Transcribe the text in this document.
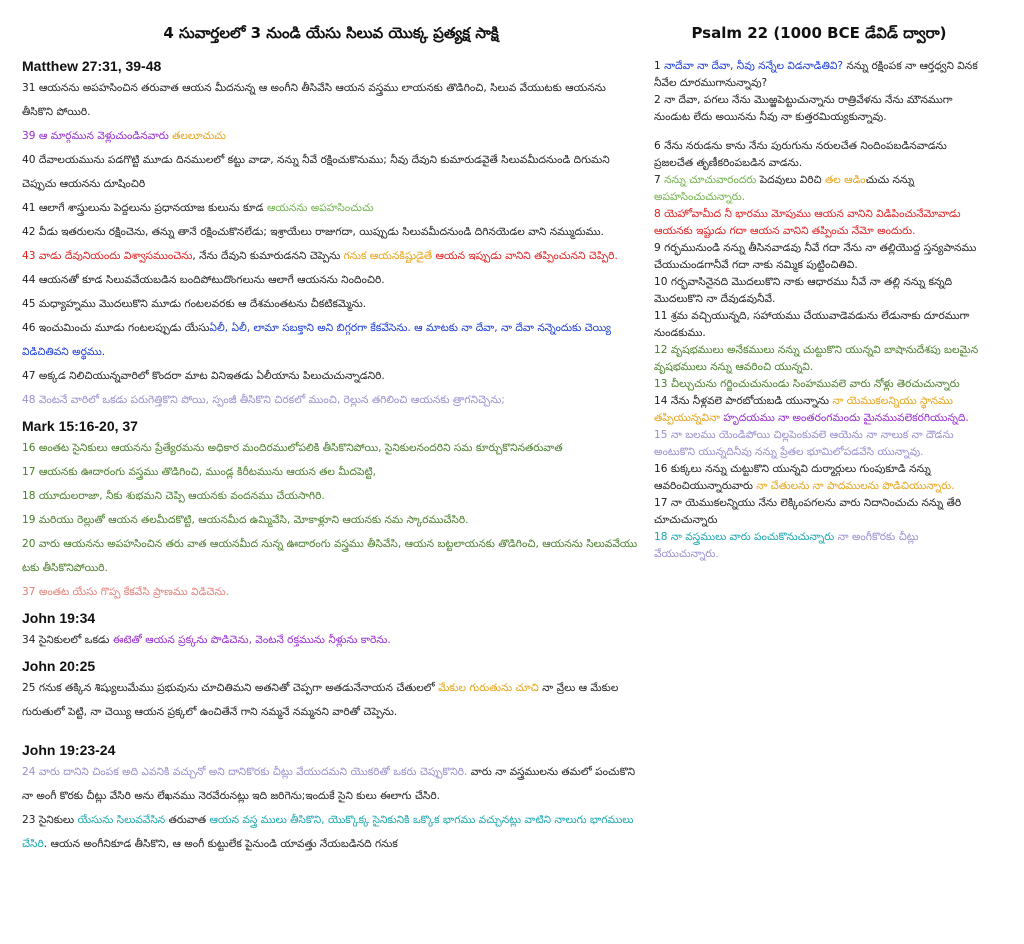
4 సువార్తలలో 3 నుండి యేసు సిలువ యొక్క ప్రత్యక్ష సాక్షి
Matthew 27:31, 39-48

31 ఆయనను అపహసించిన తరువాత ఆయన మీదనున్న ఆ అంగీని తీసివేసి ఆయన వస్త్రము లాయనకు తొడిగించి, సిలువ వేయుటకు ఆయనను తీసికొని పోయిరి.

39 ఆ మార్గమున వెళ్లుచుండినవారు తలలూచుచు

40 దేవాలయమును పడగొట్టి మూడు దినములలో కట్టు వాడా, నన్ను నీవే రక్షించుకొనుము; నీవు దేవుని కుమారుడవైతే సిలువమీదనుండి దిగుమని చెప్పుచు ఆయనను దూషించిరి

41 ఆలాగే శాస్త్రులును పెద్దలును ప్రధానయాజ కులును కూడ ఆయనను అపహసించుచు

42 వీడు ఇతరులను రక్షించెను, తన్ను తానే రక్షించుకొనలేడు; ఇశ్రాయేలు రాజుగదా, యిప్పుడు సిలువమీదనుండి దిగినయెడల వాని నమ్ముదుము.

43 వాడు దేవునియందు విశ్వాసముంచెను, నేను దేవుని కుమారుడనని చెప్పెను గనుక ఆయనకిష్టుడైతే ఆయన ఇప్పుడు వానిని తప్పించునని చెప్పిరి.

44 ఆయనతో కూడ సిలువవేయబడిన బందిపోటుదొంగలును ఆలాగే ఆయనను నిందించిరి.

45 మధ్యాహ్నము మొదలుకొని మూడు గంటలవరకు ఆ దేశమంతటను చీకటికమ్మెను.

46 ఇంచుమించు మూడు గంటలప్పుడు యేసుఏలీ, ఏలీ, లామా సబక్తాని అని బిగ్గరగా కేకవేసెను. ఆ మాటకు నా దేవా, నా దేవా నన్నెందుకు చెయ్యి విడిచితివని అర్థము.

47 అక్కడ నిలిచియున్నవారిలో కొందరా మాట వినిఇతడు ఏలీయాను పిలుచుచున్నాడనిరి.

48 వెంటనే వారిలో ఒకడు పరుగెత్తికొని పోయి, స్పంజీ తీసికొని చిరకలో ముంచి, రెల్లున తగిలించి ఆయనకు త్రాగనిచ్చెను;

Mark 15:16-20, 37

16 అంతట సైనికులు ఆయనను ప్రేత్యేరమను అధికార మందిరములోపలికి తీసికొనిపోయి, సైనికులనందరిని సమ కూర్చుకొనినతరువాత

17 ఆయనకు ఊదారంగు వస్త్రము తొడిగించి, ముండ్ల కిరీటమును ఆయన తల మీదపెట్టి,

18 యూదులరాజా, నీకు శుభమని చెప్పి ఆయనకు వందనము చేయసాగిరి.

19 మరియు రెల్లుతో ఆయన తలమీదకొట్టి, ఆయనమీద ఉమ్మివేసి, మోకాళ్లూని ఆయనకు నమ స్కారముచేసిరి.

20 వారు ఆయనను అపహసించిన తరు వాత ఆయనమీద నున్న ఊదారంగు వస్త్రము తీసివేసి, ఆయన బట్టలాయనకు తొడిగించి, ఆయనను సిలువవేయు టకు తీసికొనిపోయిరి.

37 అంతట యేసు గొప్ప కేకవేసి ప్రాణము విడిచెను.

John 19:34

34 సైనికులలో ఒకడు ఈటెతో ఆయన ప్రక్కను పొడిచెను, వెంటనే రక్తమును నీళ్లును కారెను.

John 20:25

25 గనుక తక్కిన శిష్యులుమేము ప్రభువును చూచితిమని అతనితో చెప్పగా అతడునేనాయన చేతులలో మేకుల గురుతును చూచి నా వ్రేలు ఆ మేకుల గురుతులో పెట్టి, నా చెయ్యి ఆయన ప్రక్కలో ఉంచితేనే గాని నమ్మనే నమ్మనని వారితో చెప్పెను.

John 19:23-24

24 వారు దానిని చింపక అది ఎవనికి వచ్చునో అని దానికొరకు చీట్లు వేయుదమని యొకరితో ఒకరు చెప్పుకొనిరి. వారు నా వస్త్రములను తమలో పంచుకొని నా అంగీ కొరకు చీట్లు వేసిరి అను లేఖనము నెరవేరునట్లు ఇది జరిగెను;ఇందుకే సైని కులు ఈలాగు చేసిరి.

23 సైనికులు యేసును సిలువవేసిన తరువాత ఆయన వస్త్ర ములు తీసికొని, యొక్కొక్క సైనికునికి ఒక్కొక భాగము వచ్చునట్లు వాటిని నాలుగు భాగములు చేసిరి. ఆయన అంగీనికూడ తీసికొని, ఆ అంగీ కుట్టులేక పైనుండి యావత్తు నేయబడినది గనుక

Psalm 22 (1000 BCE డేవిడ్ ద్వారా)

1 నాదేవా నా దేవా, నీవు నన్నేల విడనాడితివి? నన్ను రక్షింపక నా ఆర్తధ్వని వినక నీవేల దూరముగానున్నావు?

2 నా దేవా, పగలు నేను మొఱ్ఱపెట్టుచున్నాను రాత్రివేళను నేను మౌనముగా నుండుట లేదు అయినను నీవు నా కుత్తరమియ్యకున్నావు.

6 నేను నరుడను కాను నేను పురుగును నరులచేత నిందింపబడినవాడను ప్రజలచేత తృణీకరింపబడిన వాడను.

7 నన్ను చూచువారందరు పెదవులు విరిచి తల ఆడించుచు నన్ను అపహసించుచున్నారు.

8 యెహోవామీద నీ భారము మోపుము ఆయన వానిని విడిపించునేమోవాడు ఆయనకు ఇష్టుడు గదా ఆయన వానిని తప్పించు నేమో అందురు.

9 గర్భమునుండి నన్ను తీసినవాడవు నీవే గదా నేను నా తల్లియొద్ద స్తన్యపానము చేయుచుండగానీవే గదా నాకు నమ్మిక పుట్టించితివి.

10 గర్భవాసినైనది మొదలుకొని నాకు ఆధారము నీవే నా తల్లి నన్ను కన్నది మొదలుకొని నా దేవుడవునీవే.

11 శ్రమ వచ్చియున్నది, సహాయము చేయువాడెవడును లేడునాకు దూరముగా నుండకుము.

12 వృషభములు అనేకములు నన్ను చుట్టుకొని యున్నవి బాషానుదేశపు బలమైన వృషభములు నన్ను ఆవరించి యున్నవి.

13 చీల్చుచును గర్జించుచునుండు సింహమువలె వారు నోళ్లు తెరచుచున్నారు

14 నేను నీళ్లవలె పారబోయబడి యున్నాను నా యెముకలన్నియు స్థానము తప్పియున్నవినా హృదయము నా అంతరంగమందు మైనమువలెకరగియున్నది.

15 నా బలము యెండిపోయి చిల్లపెంకువలె ఆయెను నా నాలుక నా దౌడను అంటుకొని యున్నదినీవు నన్ను ప్రేతల భూమిలోపడవేసి యున్నావు.

16 కుక్కలు నన్ను చుట్టుకొని యున్నవి దుర్మార్గులు గుంపుకూడి నన్ను ఆవరించియున్నారువారు నా చేతులను నా పాదములను పొడిచియున్నారు.

17 నా యెముకలన్నియు నేను లెక్కింపగలను వారు నిదానించుచు నన్ను తేరి చూచుచున్నారు

18 నా వస్త్రములు వారు పంచుకొనుచున్నారు నా అంగీకొరకు చీట్లు వేయుచున్నారు.
